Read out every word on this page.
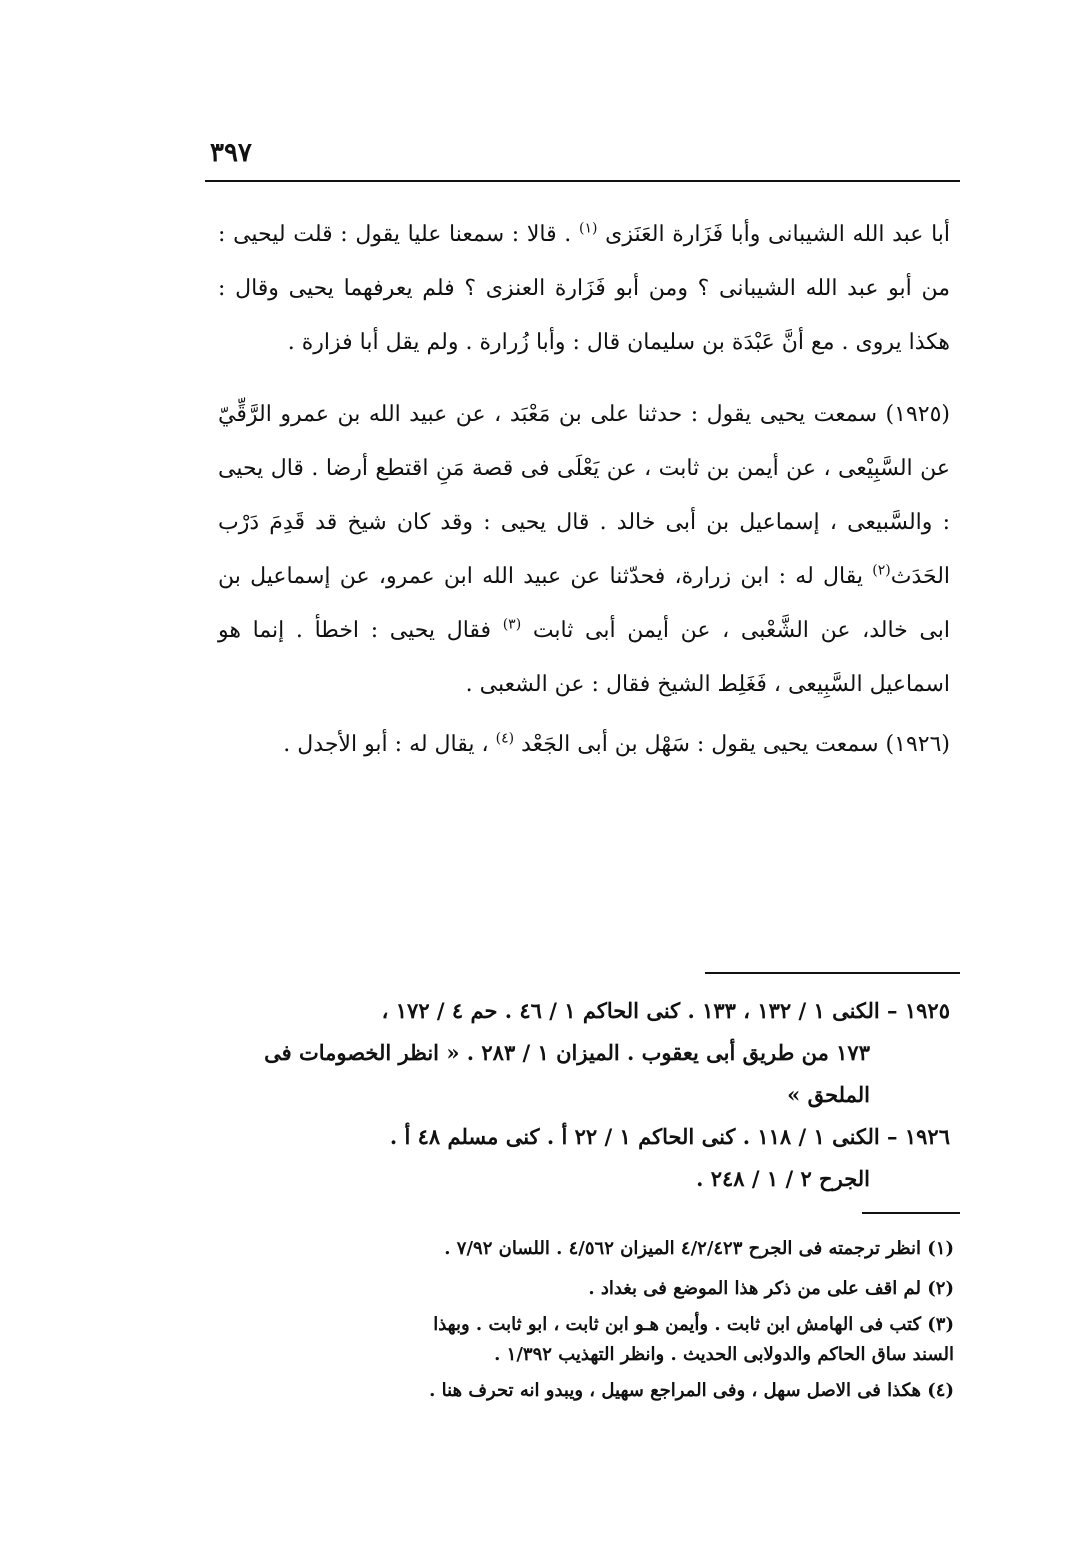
٣٩٧

أبا عبد الله الشيبانى وأبا فَزَارة العَنَزى $^{(١)}$ . قالا : سمعنا عليا يقول : قلت ليحيى : من أبو عبد الله الشيبانى ؟ ومن أبو فَزَارة العنزى ؟ فلم يعرفهما يحيى وقال : هكذا يروى . مع أنَّ عَبْدَة بن سليمان قال : وأبا زُرارة . ولم يقل أبا فزارة .

(١٩٢٥) سمعت يحيى يقول : حدثنا على بن مَعْبَد ، عن عبيد الله بن عمرو الرَّقِّيّ عن السَّبِيْعى ، عن أيمن بن ثابت ، عن يَعْلَى فى قصة مَنِ اقتطع أرضا . قال يحيى : والسَّبيعى ، إسماعيل بن أبى خالد . قال يحيى : وقد كان شيخ قد قَدِمَ دَرْب الحَدَث$^{(٢)}$ يقال له : ابن زرارة، فحدّثنا عن عبيد الله ابن عمرو، عن إسماعيل بن ابى خالد، عن الشَّعْبى ، عن أيمن أبى ثابت $^{(٣)}$ فقال يحيى : اخطأ . إنما هو اسماعيل السَّبِيعى ، فَغَلِط الشيخ فقال : عن الشعبى .

(١٩٢٦) سمعت يحيى يقول : سَهْل بن أبى الجَعْد $^{(٤)}$ ، يقال له : أبو الأجدل .

١٩٢٥ – الكنى ١ / ١٣٢ ، ١٣٣ . كنى الحاكم ١ / ٤٦ . حم ٤ / ١٧٢ ،
١٧٣ من طريق أبى يعقوب . الميزان ١ / ٢٨٣ . « انظر الخصومات فى الملحق »

١٩٢٦ – الكنى ١ / ١١٨ . كنى الحاكم ١ / ٢٢ أ . كنى مسلم ٤٨ أ .
الجرح ٢ / ١ / ٢٤٨ .

(١) انظر ترجمته فى الجرح ٤/٢/٤٢٣ الميزان ٤/٥٦٢ . اللسان ٧/٩٢ .

(٢) لم اقف على من ذكر هذا الموضع فى بغداد .

(٣) كتب فى الهامش ابن ثابت . وأيمن هـو ابن ثابت ، ابو ثابت . وبهذا
السند ساق الحاكم والدولابى الحديث . وانظر التهذيب ١/٣٩٢ .

(٤) هكذا فى الاصل سهل ، وفى المراجع سهيل ، ويبدو انه تحرف هنا .
